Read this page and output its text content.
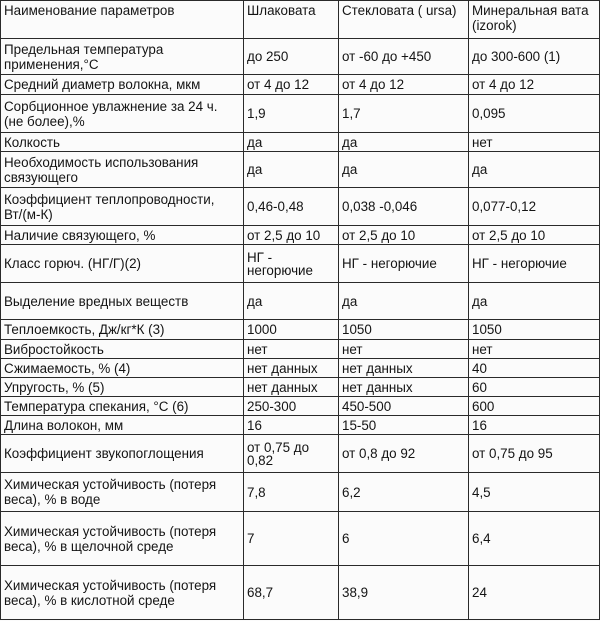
Наименование параметров	Шлаковата	Стекловата ( ursa)	Минеральная вата (izorok)
Предельная температура применения,°С	до 250	от -60 до +450	до 300-600 (1)
Средний диаметр волокна, мкм	от 4 до 12	от 4 до 12	от 4 до 12
Сорбционное увлажнение за 24 ч. (не более),%	1,9	1,7	0,095
Колкость	да	да	нет
Необходимость использования связующего	да	да	да
Коэффициент теплопроводности, Вт/(м-К)	0,46-0,48	0,038 -0,046	0,077-0,12
Наличие связующего, %	от 2,5 до 10	от 2,5 до 10	от 2,5 до 10
Класс горюч. (НГ/Г)(2)	НГ - негорючие	НГ - негорючие	НГ - негорючие
Выделение вредных веществ	да	да	да
Теплоемкость, Дж/кг*К (3)	1000	1050	1050
Вибростойкость	нет	нет	нет
Сжимаемость, % (4)	нет данных	нет данных	40
Упругость, % (5)	нет данных	нет данных	60
Температура спекания, °С (6)	250-300	450-500	600
Длина волокон, мм	16	15-50	16
Коэффициент звукопоглощения	от 0,75 до 0,82	от 0,8 до 92	от 0,75 до 95
Химическая устойчивость (потеря веса), % в воде	7,8	6,2	4,5
Химическая устойчивость (потеря веса), % в щелочной среде	7	6	6,4
Химическая устойчивость (потеря веса), % в кислотной среде	68,7	38,9	24
